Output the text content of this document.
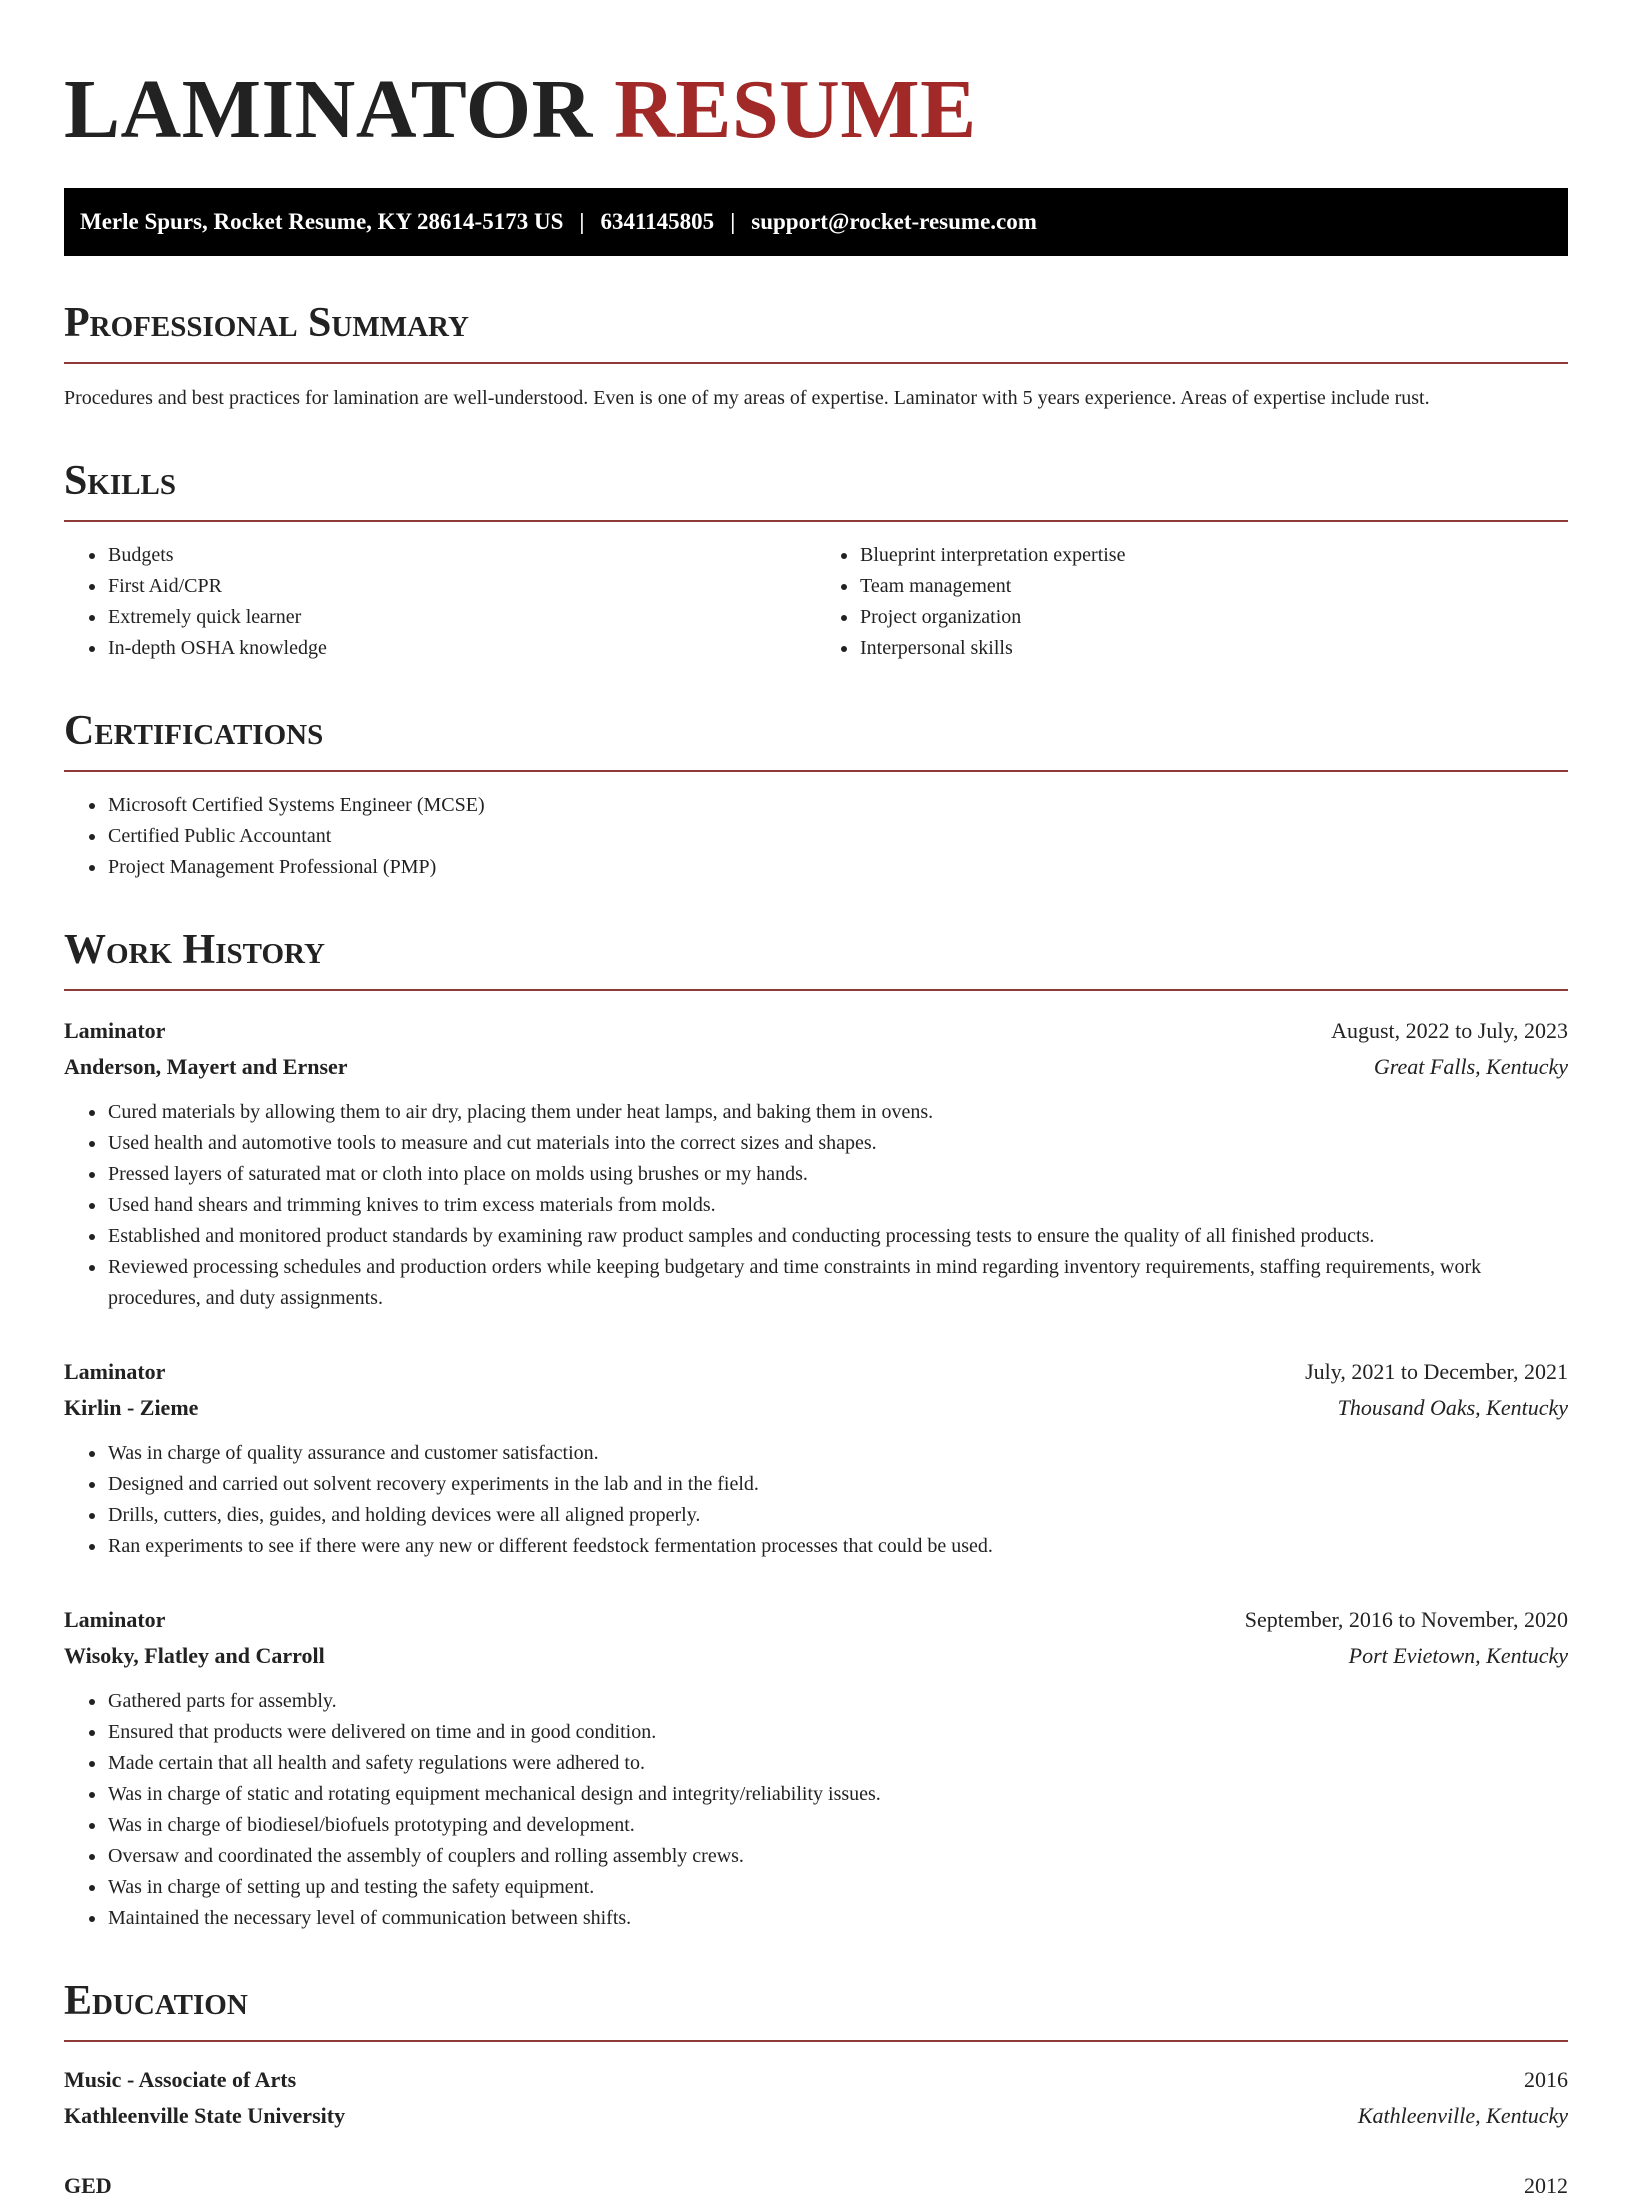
LAMINATOR RESUME
Merle Spurs, Rocket Resume, KY 28614-5173 US | 6341145805 | support@rocket-resume.com
Professional Summary

Procedures and best practices for lamination are well-understood. Even is one of my areas of expertise. Laminator with 5 years experience. Areas of expertise include rust.

Skills
• Budgets
• First Aid/CPR
• Extremely quick learner
• In-depth OSHA knowledge
• Blueprint interpretation expertise
• Team management
• Project organization
• Interpersonal skills
Certifications
• Microsoft Certified Systems Engineer (MCSE)
• Certified Public Accountant
• Project Management Professional (PMP)
Work History
Laminator	August, 2022 to July, 2023
Anderson, Mayert and Ernser	Great Falls, Kentucky
• Cured materials by allowing them to air dry, placing them under heat lamps, and baking them in ovens.
• Used health and automotive tools to measure and cut materials into the correct sizes and shapes.
• Pressed layers of saturated mat or cloth into place on molds using brushes or my hands.
• Used hand shears and trimming knives to trim excess materials from molds.
• Established and monitored product standards by examining raw product samples and conducting processing tests to ensure the quality of all finished products.
• Reviewed processing schedules and production orders while keeping budgetary and time constraints in mind regarding inventory requirements, staffing requirements, work procedures, and duty assignments.
Laminator	July, 2021 to December, 2021
Kirlin - Zieme	Thousand Oaks, Kentucky
• Was in charge of quality assurance and customer satisfaction.
• Designed and carried out solvent recovery experiments in the lab and in the field.
• Drills, cutters, dies, guides, and holding devices were all aligned properly.
• Ran experiments to see if there were any new or different feedstock fermentation processes that could be used.
Laminator	September, 2016 to November, 2020
Wisoky, Flatley and Carroll	Port Evietown, Kentucky
• Gathered parts for assembly.
• Ensured that products were delivered on time and in good condition.
• Made certain that all health and safety regulations were adhered to.
• Was in charge of static and rotating equipment mechanical design and integrity/reliability issues.
• Was in charge of biodiesel/biofuels prototyping and development.
• Oversaw and coordinated the assembly of couplers and rolling assembly crews.
• Was in charge of setting up and testing the safety equipment.
• Maintained the necessary level of communication between shifts.
Education
Music - Associate of Arts	2016
Kathleenville State University	Kathleenville, Kentucky
GED	2012
